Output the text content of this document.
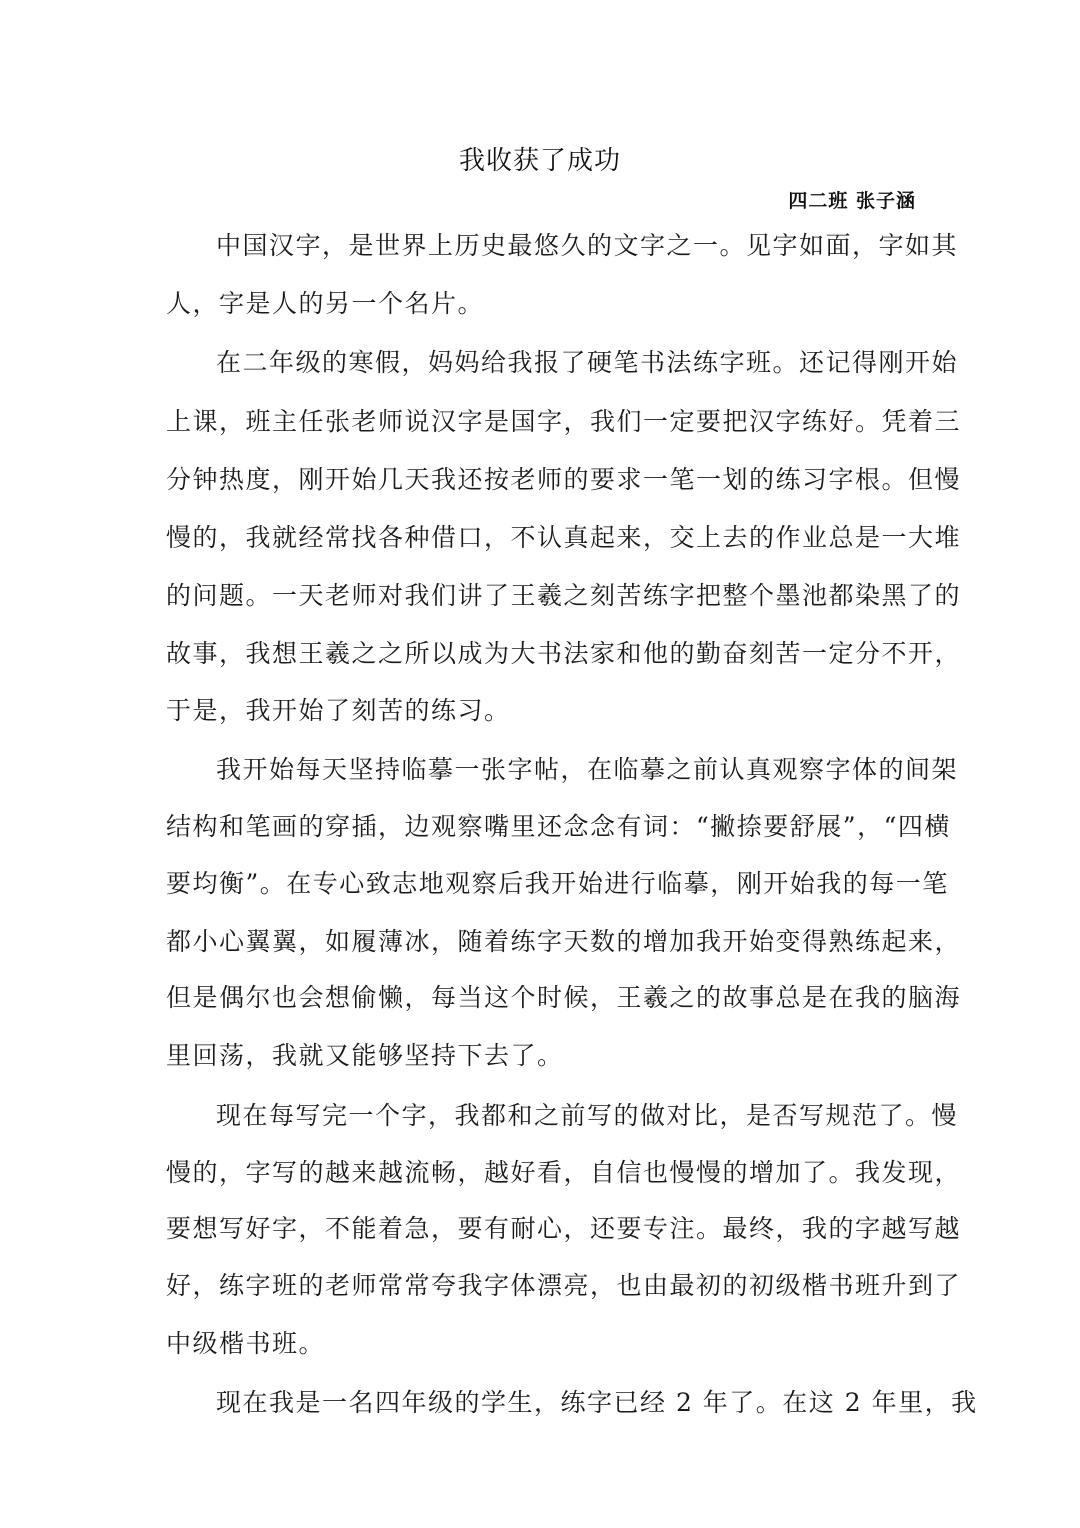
我收获了成功
四二班 张子涵
中国汉字，是世界上历史最悠久的文字之一。见字如面，字如其
人，字是人的另一个名片。
在二年级的寒假，妈妈给我报了硬笔书法练字班。还记得刚开始
上课，班主任张老师说汉字是国字，我们一定要把汉字练好。凭着三
分钟热度，刚开始几天我还按老师的要求一笔一划的练习字根。但慢
慢的，我就经常找各种借口，不认真起来，交上去的作业总是一大堆
的问题。一天老师对我们讲了王羲之刻苦练字把整个墨池都染黑了的
故事，我想王羲之之所以成为大书法家和他的勤奋刻苦一定分不开，
于是，我开始了刻苦的练习。
我开始每天坚持临摹一张字帖，在临摹之前认真观察字体的间架
结构和笔画的穿插，边观察嘴里还念念有词：“撇捺要舒展”，“四横
要均衡”。在专心致志地观察后我开始进行临摹，刚开始我的每一笔
都小心翼翼，如履薄冰，随着练字天数的增加我开始变得熟练起来，
但是偶尔也会想偷懒，每当这个时候，王羲之的故事总是在我的脑海
里回荡，我就又能够坚持下去了。
现在每写完一个字，我都和之前写的做对比，是否写规范了。慢
慢的，字写的越来越流畅，越好看，自信也慢慢的增加了。我发现，
要想写好字，不能着急，要有耐心，还要专注。最终，我的字越写越
好，练字班的老师常常夸我字体漂亮，也由最初的初级楷书班升到了
中级楷书班。
现在我是一名四年级的学生，练字已经 2 年了。在这 2 年里，我
